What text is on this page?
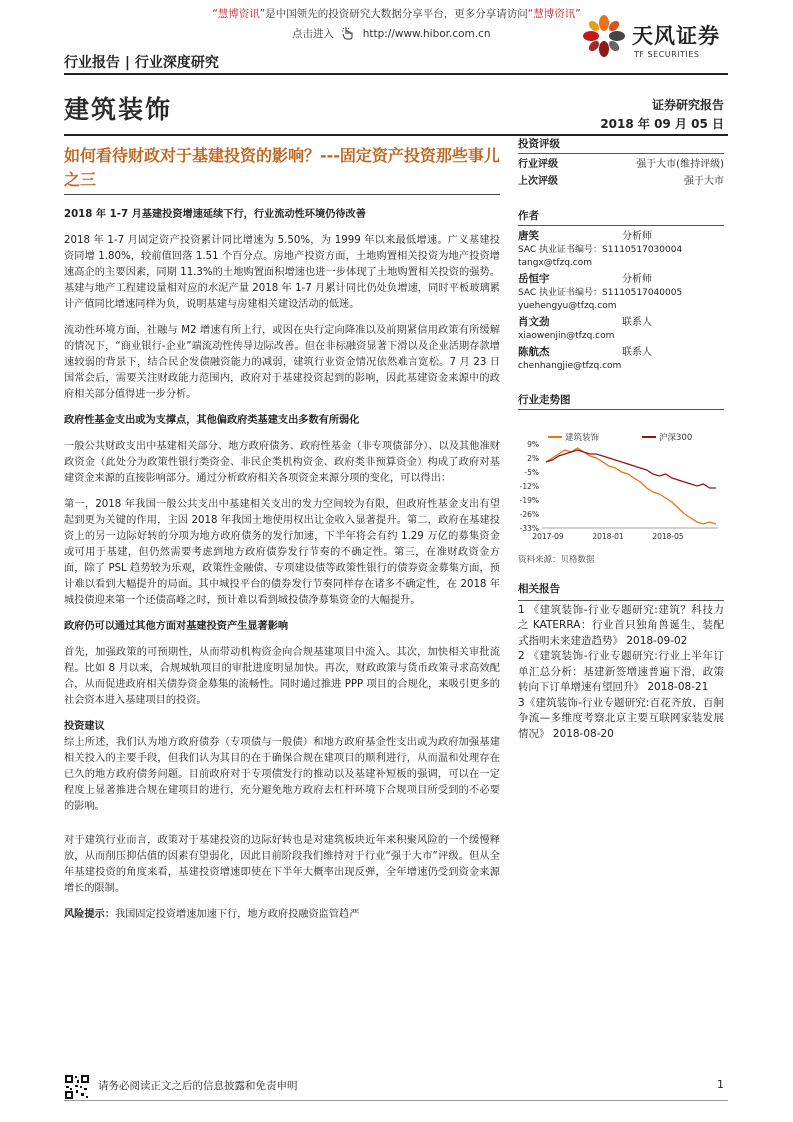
“慧博资讯”是中国领先的投资研究大数据分享平台，更多分享请访问“慧博资讯”
点击进入	http://www.hibor.com.cn	天风证券
TF SECURITIES
行业报告 | 行业深度研究
建筑装饰	证券研究报告
2018 年 09 月 05 日
如何看待财政对于基建投资的影响？---固定资产投资那些事儿之三
2018 年 1-7 月基建投资增速延续下行，行业流动性环境仍待改善

2018 年 1-7 月固定资产投资累计同比增速为 5.50%，为 1999 年以来最低增速。广义基建投资同增 1.80%，较前值回落 1.51 个百分点。房地产投资方面，土地购置相关投资为地产投资增速高企的主要因素，同期 11.3%的土地购置面积增速也进一步体现了土地购置相关投资的强势。基建与地产工程建设量相对应的水泥产量 2018 年 1-7 月累计同比仍处负增速，同时平板玻璃累计产值同比增速同样为负，说明基建与房建相关建设活动的低迷。

流动性环境方面，社融与 M2 增速有所上行，或因在央行定向降准以及前期紧信用政策有所缓解的情况下，“商业银行-企业”端流动性传导边际改善。但在非标融资显著下滑以及企业活期存款增速较弱的背景下，结合民企发债融资能力的减弱，建筑行业资金情况依然难言宽松。7 月 23 日国常会后，需要关注财政能力范围内，政府对于基建投资起到的影响，因此基建资金来源中的政府相关部分值得进一步分析。

政府性基金支出或为支撑点，其他偏政府类基建支出多数有所弱化

一般公共财政支出中基建相关部分、地方政府债务、政府性基金（非专项债部分）、以及其他准财政资金（此处分为政策性银行类资金、非民企类机构资金、政府类非预算资金）构成了政府对基建资金来源的直接影响部分。通过分析政府相关各项资金来源分项的变化，可以得出：

第一，2018 年我国一般公共支出中基建相关支出的发力空间较为有限，但政府性基金支出有望起到更为关键的作用，主因 2018 年我国土地使用权出让金收入显著提升。第二，政府在基建投资上的另一边际好转的分项为地方政府债务的发行加速，下半年将会有约 1.29 万亿的募集资金或可用于基建，但仍然需要考虑到地方政府债券发行节奏的不确定性。第三，在准财政资金方面，除了 PSL 趋势较为乐观，政策性金融债、专项建设债等政策性银行的债券资金募集方面，预计难以看到大幅提升的局面。其中城投平台的债券发行节奏同样存在诸多不确定性，在 2018 年城投债迎来第一个还债高峰之时，预计难以看到城投债净募集资金的大幅提升。

政府仍可以通过其他方面对基建投资产生显著影响

首先，加强政策的可预期性，从而带动机构资金向合规基建项目中流入。其次，加快相关审批流程。比如 8 月以来，合规城轨项目的审批进度明显加快。再次，财政政策与货币政策寻求高效配合，从而促进政府相关债券资金募集的流畅性。同时通过推进 PPP 项目的合规化，来吸引更多的社会资本进入基建项目的投资。

投资建议

综上所述，我们认为地方政府债券（专项债与一般债）和地方政府基金性支出或为政府加强基建相关投入的主要手段，但我们认为其目的在于确保合规在建项目的顺利进行，从而温和处理存在已久的地方政府债务问题。目前政府对于专项债发行的推动以及基建补短板的强调，可以在一定程度上显著推进合规在建项目的进行，充分避免地方政府去杠杆环境下合规项目所受到的不必要的影响。

对于建筑行业而言，政策对于基建投资的边际好转也是对建筑板块近年来积聚风险的一个缓慢释放，从而削压抑估值的因素有望弱化，因此目前阶段我们维持对于行业“强于大市”评级。但从全年基建投资的角度来看，基建投资增速即使在下半年大概率出现反弹，全年增速仍受到资金来源增长的限制。

风险提示：我国固定投资增速加速下行，地方政府投融资监管趋严

投资评级
行业评级	强于大市(维持评级)
上次评级	强于大市
作者
唐笑	分析师
SAC 执业证书编号：S1110517030004
tangx@tfzq.com
岳恒宇	分析师
SAC 执业证书编号：S1110517040005
yuehengyu@tfzq.com
肖文劲	联系人
xiaowenjin@tfzq.com
陈航杰	联系人
chenhangjie@tfzq.com
行业走势图
建筑装饰	沪深300
9%
2%
-5%
-12%
-19%
-26%
-33%
2017-09	2018-01	2018-05
资料来源：贝格数据
相关报告
1 《建筑装饰-行业专题研究:建筑？科技力之 KATERRA：行业首只独角兽诞生，装配式指明未来建造趋势》 2018-09-02
2 《建筑装饰-行业专题研究:行业上半年订单汇总分析：基建新签增速普遍下滑，政策转向下订单增速有望回升》 2018-08-21
3《建筑装饰-行业专题研究:百花齐放、百舸争流—多维度考察北京主要互联网家装发展情况》 2018-08-20
请务必阅读正文之后的信息披露和免责申明	1
